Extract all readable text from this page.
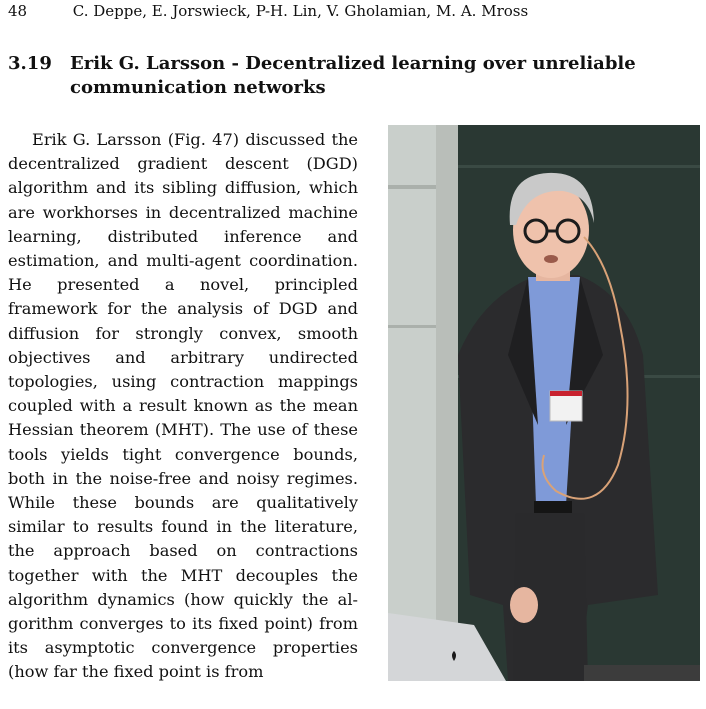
48	C. Deppe, E. Jorswieck, P-H. Lin, V. Gholamian, M. A. Mross
3.19 Erik G. Larsson - Decentralized learning over unreliable communication networks

Erik G. Larsson (Fig. 47) discussed the decentralized gradient descent (DGD) algorithm and its sibling diffusion, which are workhorses in decentralized machine learning, distributed inference and estimation, and multi-agent coordination. He presented a novel, principled framework for the analysis of DGD and diffusion for strongly convex, smooth objectives and arbitrary undirected topologies, using contraction mappings coupled with a result known as the mean Hessian theorem (MHT). The use of these tools yields tight convergence bounds, both in the noise-free and noisy regimes. While these bounds are qualitatively similar to results found in the literature, the approach based on contractions together with the MHT decouples the algorithm dynamics (how quickly the algorithm converges to its fixed point) from its asymptotic convergence properties (how far the fixed point is from
